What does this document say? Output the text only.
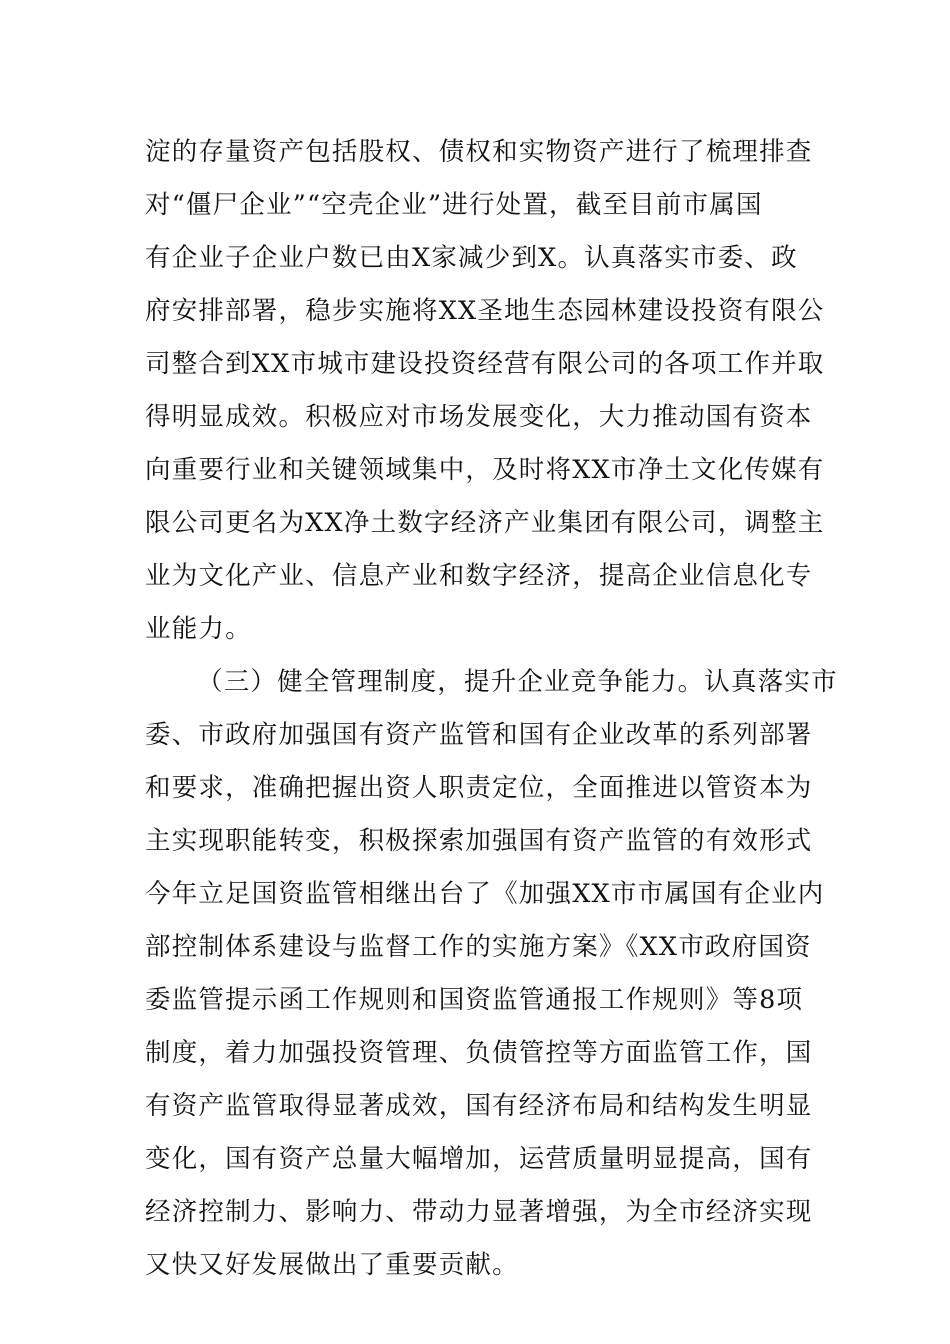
淀的存量资产包括股权、债权和实物资产进行了梳理排查
对“僵尸企业”“空壳企业”进行处置，截至目前市属国
有企业子企业户数已由X家减少到X。认真落实市委、政
府安排部署，稳步实施将XX圣地生态园林建设投资有限公
司整合到XX市城市建设投资经营有限公司的各项工作并取
得明显成效。积极应对市场发展变化，大力推动国有资本
向重要行业和关键领域集中，及时将XX市净土文化传媒有
限公司更名为XX净土数字经济产业集团有限公司，调整主
业为文化产业、信息产业和数字经济，提高企业信息化专
业能力。
（三）健全管理制度，提升企业竞争能力。认真落实市
委、市政府加强国有资产监管和国有企业改革的系列部署
和要求，准确把握出资人职责定位，全面推进以管资本为
主实现职能转变，积极探索加强国有资产监管的有效形式
今年立足国资监管相继出台了《加强XX市市属国有企业内
部控制体系建设与监督工作的实施方案》《XX市政府国资
委监管提示函工作规则和国资监管通报工作规则》等8项
制度，着力加强投资管理、负债管控等方面监管工作，国
有资产监管取得显著成效，国有经济布局和结构发生明显
变化，国有资产总量大幅增加，运营质量明显提高，国有
经济控制力、影响力、带动力显著增强，为全市经济实现
又快又好发展做出了重要贡献。
